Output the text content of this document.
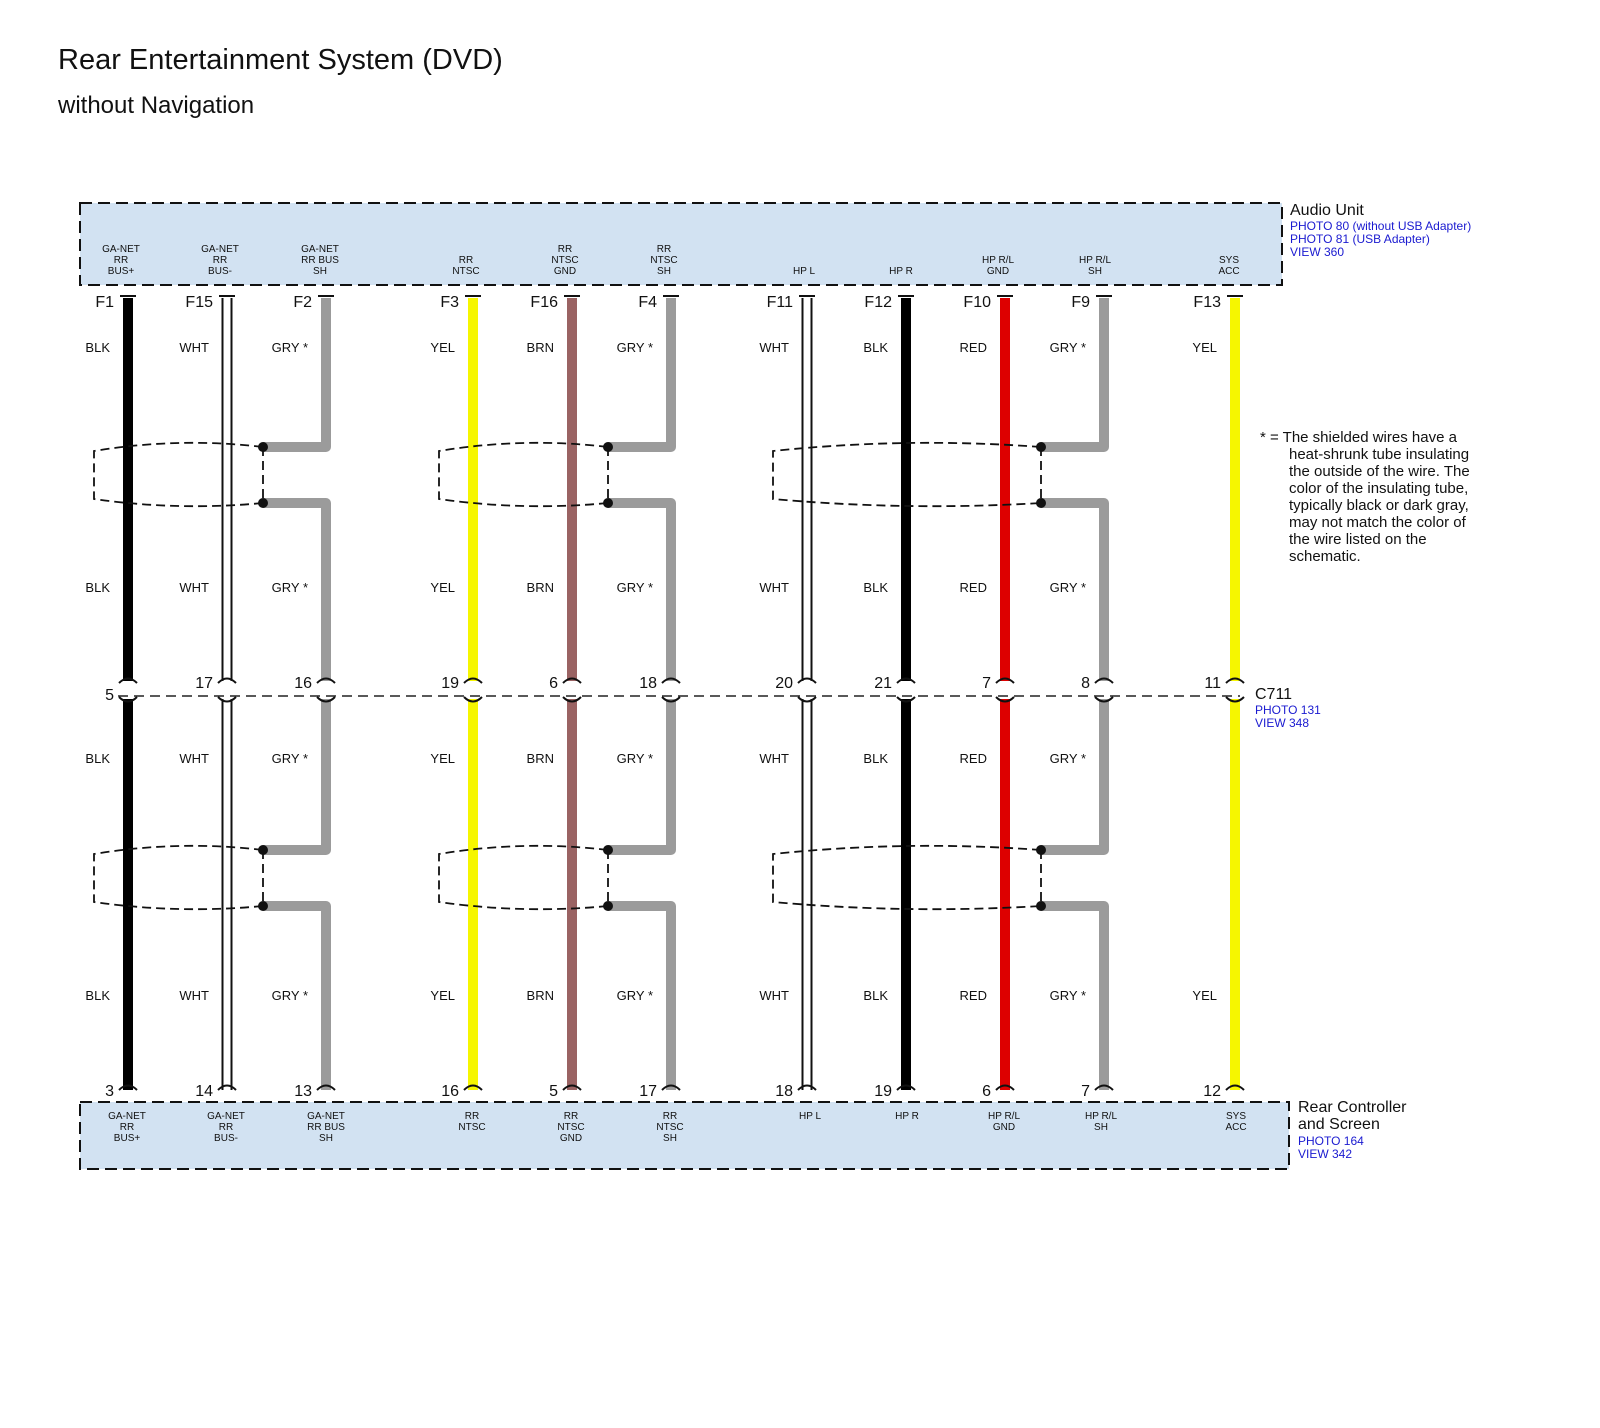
Rear Entertainment System (DVD)
without Navigation
Audio Unit
PHOTO 80 (without USB Adapter)
PHOTO 81 (USB Adapter)
VIEW 360
C711
PHOTO 131
VIEW 348
Rear Controller
and Screen
PHOTO 164
VIEW 342
* = The shielded wires have a
heat-shrunk tube insulating
the outside of the wire. The
color of the insulating tube,
typically black or dark gray,
may not match the color of
the wire listed on the
schematic.
GA-NET
RR
BUS+
GA-NET
RR
BUS+
F1
5
3
BLK
BLK
BLK
BLK
GA-NET
RR
BUS-
GA-NET
RR
BUS-
F15
17
14
WHT
WHT
WHT
WHT
GA-NET
RR BUS
SH
GA-NET
RR BUS
SH
F2
16
13
GRY *
GRY *
GRY *
GRY *
RR
NTSC
RR
NTSC
F3
19
16
YEL
YEL
YEL
YEL
RR
NTSC
GND
RR
NTSC
GND
F16
6
5
BRN
BRN
BRN
BRN
RR
NTSC
SH
RR
NTSC
SH
F4
18
17
GRY *
GRY *
GRY *
GRY *
HP L
HP L
F11
20
18
WHT
WHT
WHT
WHT
HP R
HP R
F12
21
19
BLK
BLK
BLK
BLK
HP R/L
GND
HP R/L
GND
F10
7
6
RED
RED
RED
RED
HP R/L
SH
HP R/L
SH
F9
8
7
GRY *
GRY *
GRY *
GRY *
SYS
ACC
SYS
ACC
F13
11
12
YEL
YEL
